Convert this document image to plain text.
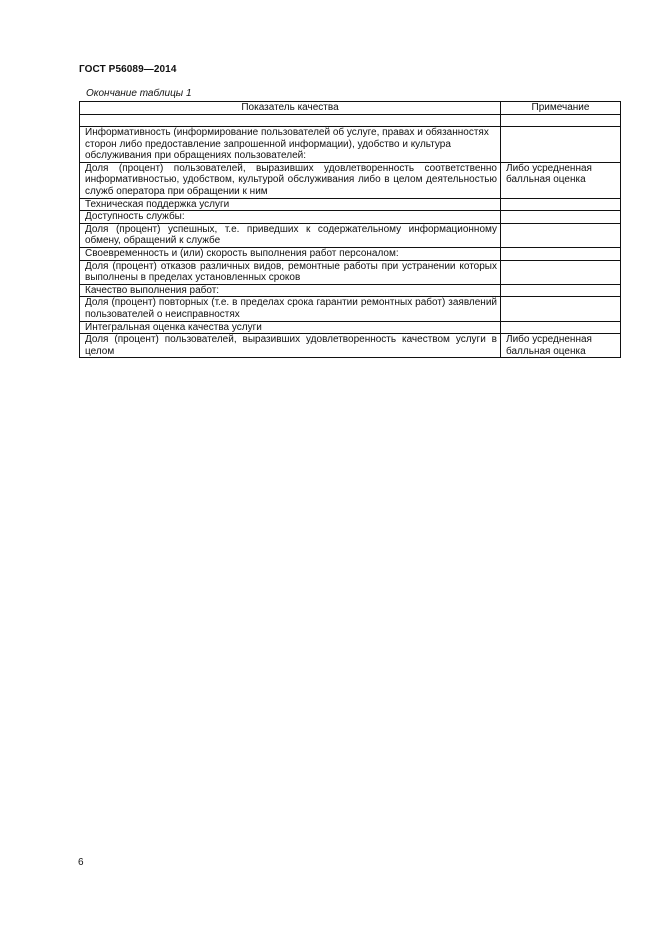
ГОСТ Р56089—2014
Окончание таблицы 1
Показатель качества	Примечание

Информативность (информирование пользователей об услуге, правах и обязанностях сторон либо предоставление запрошенной информации), удобство и культура обслуживания при обращениях пользователей:	
Доля (процент) пользователей, выразивших удовлетворенность соответственно информативностью, удобством, культурой обслуживания либо в целом деятельностью служб оператора при обращении к ним	Либо усредненная балльная оценка
Техническая поддержка услуги	
Доступность службы:	
Доля (процент) успешных, т.е. приведших к содержательному информационному обмену, обращений к службе	
Своевременность и (или) скорость выполнения работ персоналом:	
Доля (процент) отказов различных видов, ремонтные работы при устранении которых выполнены в пределах установленных сроков	
Качество выполнения работ:	
Доля (процент) повторных (т.е. в пределах срока гарантии ремонтных работ) заявлений пользователей о неисправностях	
Интегральная оценка качества услуги	
Доля (процент) пользователей, выразивших удовлетворенность качеством услуги в целом	Либо усредненная балльная оценка
6
